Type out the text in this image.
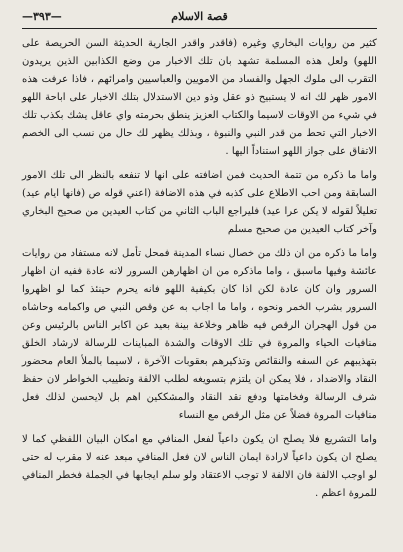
قصة الاسلام
—٣٩٣—

كثير من روايات البخاري وغيره (فاقدر واقدر الجارية الحديثة السن الحريصة على اللهو) ولعل هذه المسلمة تشهد بان تلك الاخبار من وضع الكذابين الذين يريدون التقرب الى ملوك الجهل والفساد من الامويين والعباسيين وامرائهم ، فاذا عرفت هذه الامور ظهر لك انه لا يستبيح ذو عقل وذو دين الاستدلال بتلك الاخبار على اباحة اللهو في شيء من الاوقات لاسيما والكتاب العزيز ينطق بحرمته واي عاقل يشك بكذب تلك الاخبار التي تحط من قدر النبي والنبوة ، وبذلك يظهر لك حال من نسب الى الخصم الاتفاق على جواز اللهو استناداً اليها .

واما ما ذكره من تتمة الحديث فمن اضافته على انها لا تنفعه بالنظر الى تلك الامور السابقة ومن احب الاطلاع على كذبه في هذه الاضافة (اعني قوله ص (فانها ايام عيد) تعليلاً لقوله لا يكن عرا عيد) فليراجع الباب الثاني من كتاب العيدين من صحيح البخاري وآخر كتاب العيدين من صحيح مسلم

واما ما ذكره من ان ذلك من خصال نساء المدينة فمحل تأمل لانه مستفاد من روايات عائشة وفيها ماسبق ، واما ماذكره من ان اظهارهن السرور لانه عادة ففيه ان اظهار السرور وان كان عادة لكن اذا كان بكيفية اللهو فانه يحرم حينئذ كما لو اظهروا السرور بشرب الخمر ونحوه ، واما ما اجاب به عن وقص النبي ص واكمامه وحاشاه من قول الهجران الرقص فيه ظاهر وخلاعة بينة بعيد عن اكابر الناس بالرئيس وعن منافيات الحياء والمروة في تلك الاوقات والشدة المباينات للرسالة لارشاد الخلق بتهذيبهم عن السفه والنقائص وتذكيرهم بعقوبات الآخرة ، لاسيما بالملأ العام محضور النقاد والاضداد ، فلا يمكن ان يلتزم بتسويغه لطلب الالفة وتطييب الخواطر لان حفظ شرف الرسالة وفخامتها ودفع نقد النقاد والمشككين اهم بل لايحسن لذلك فعل منافيات المروة فضلاً عن مثل الرقص مع النساء

واما التشريع فلا يصلح ان يكون داعياً لفعل المنافي مع امكان البيان اللفظي كما لا يصلح ان يكون داعياً لارادة ايمان الناس لان فعل المنافي مبعد عنه لا مقرب له حتى لو اوجب الالفة فان الالفة لا توجب الاعتقاد ولو سلم ايجابها في الجملة فخطر المنافي للمروة اعظم .
